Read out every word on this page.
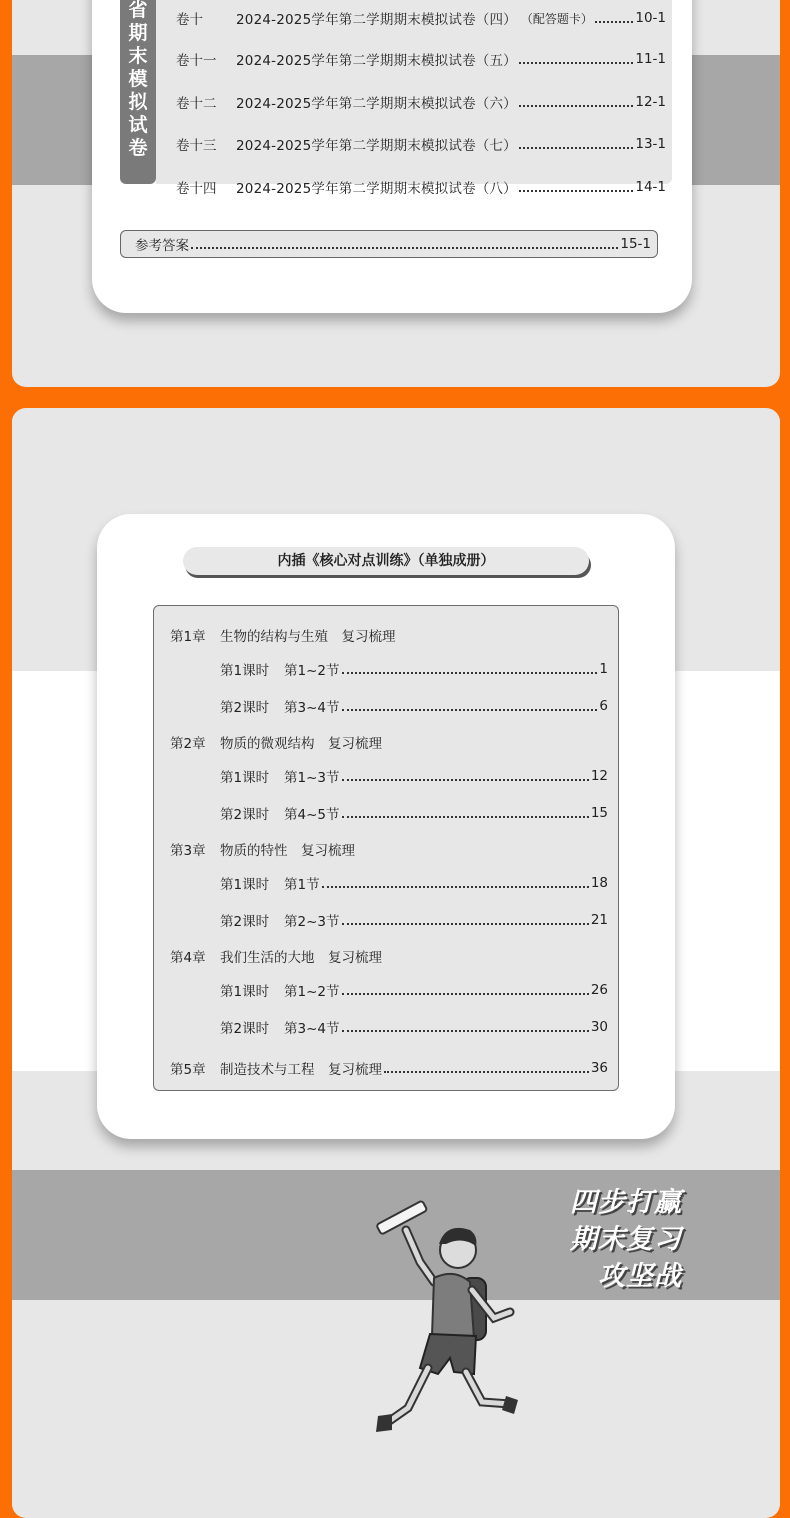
省
期
末
模
拟
试
卷
卷十	2024-2025学年第二学期期末模拟试卷（四） （配答题卡）	10-1
卷十一	2024-2025学年第二学期期末模拟试卷（五）	11-1
卷十二	2024-2025学年第二学期期末模拟试卷（六）	12-1
卷十三	2024-2025学年第二学期期末模拟试卷（七）	13-1
卷十四	2024-2025学年第二学期期末模拟试卷（八）	14-1
参考答案	15-1
内插《核心对点训练》（单独成册）
第1章	生物的结构与生殖　复习梳理
第1课时	第1~2节	1
第2课时	第3~4节	6
第2章	物质的微观结构　复习梳理
第1课时	第1~3节	12
第2课时	第4~5节	15
第3章	物质的特性　复习梳理
第1课时	第1节	18
第2课时	第2~3节	21
第4章	我们生活的大地　复习梳理
第1课时	第1~2节	26
第2课时	第3~4节	30
第5章	制造技术与工程　复习梳理	36
四步打赢
期末复习
攻坚战
